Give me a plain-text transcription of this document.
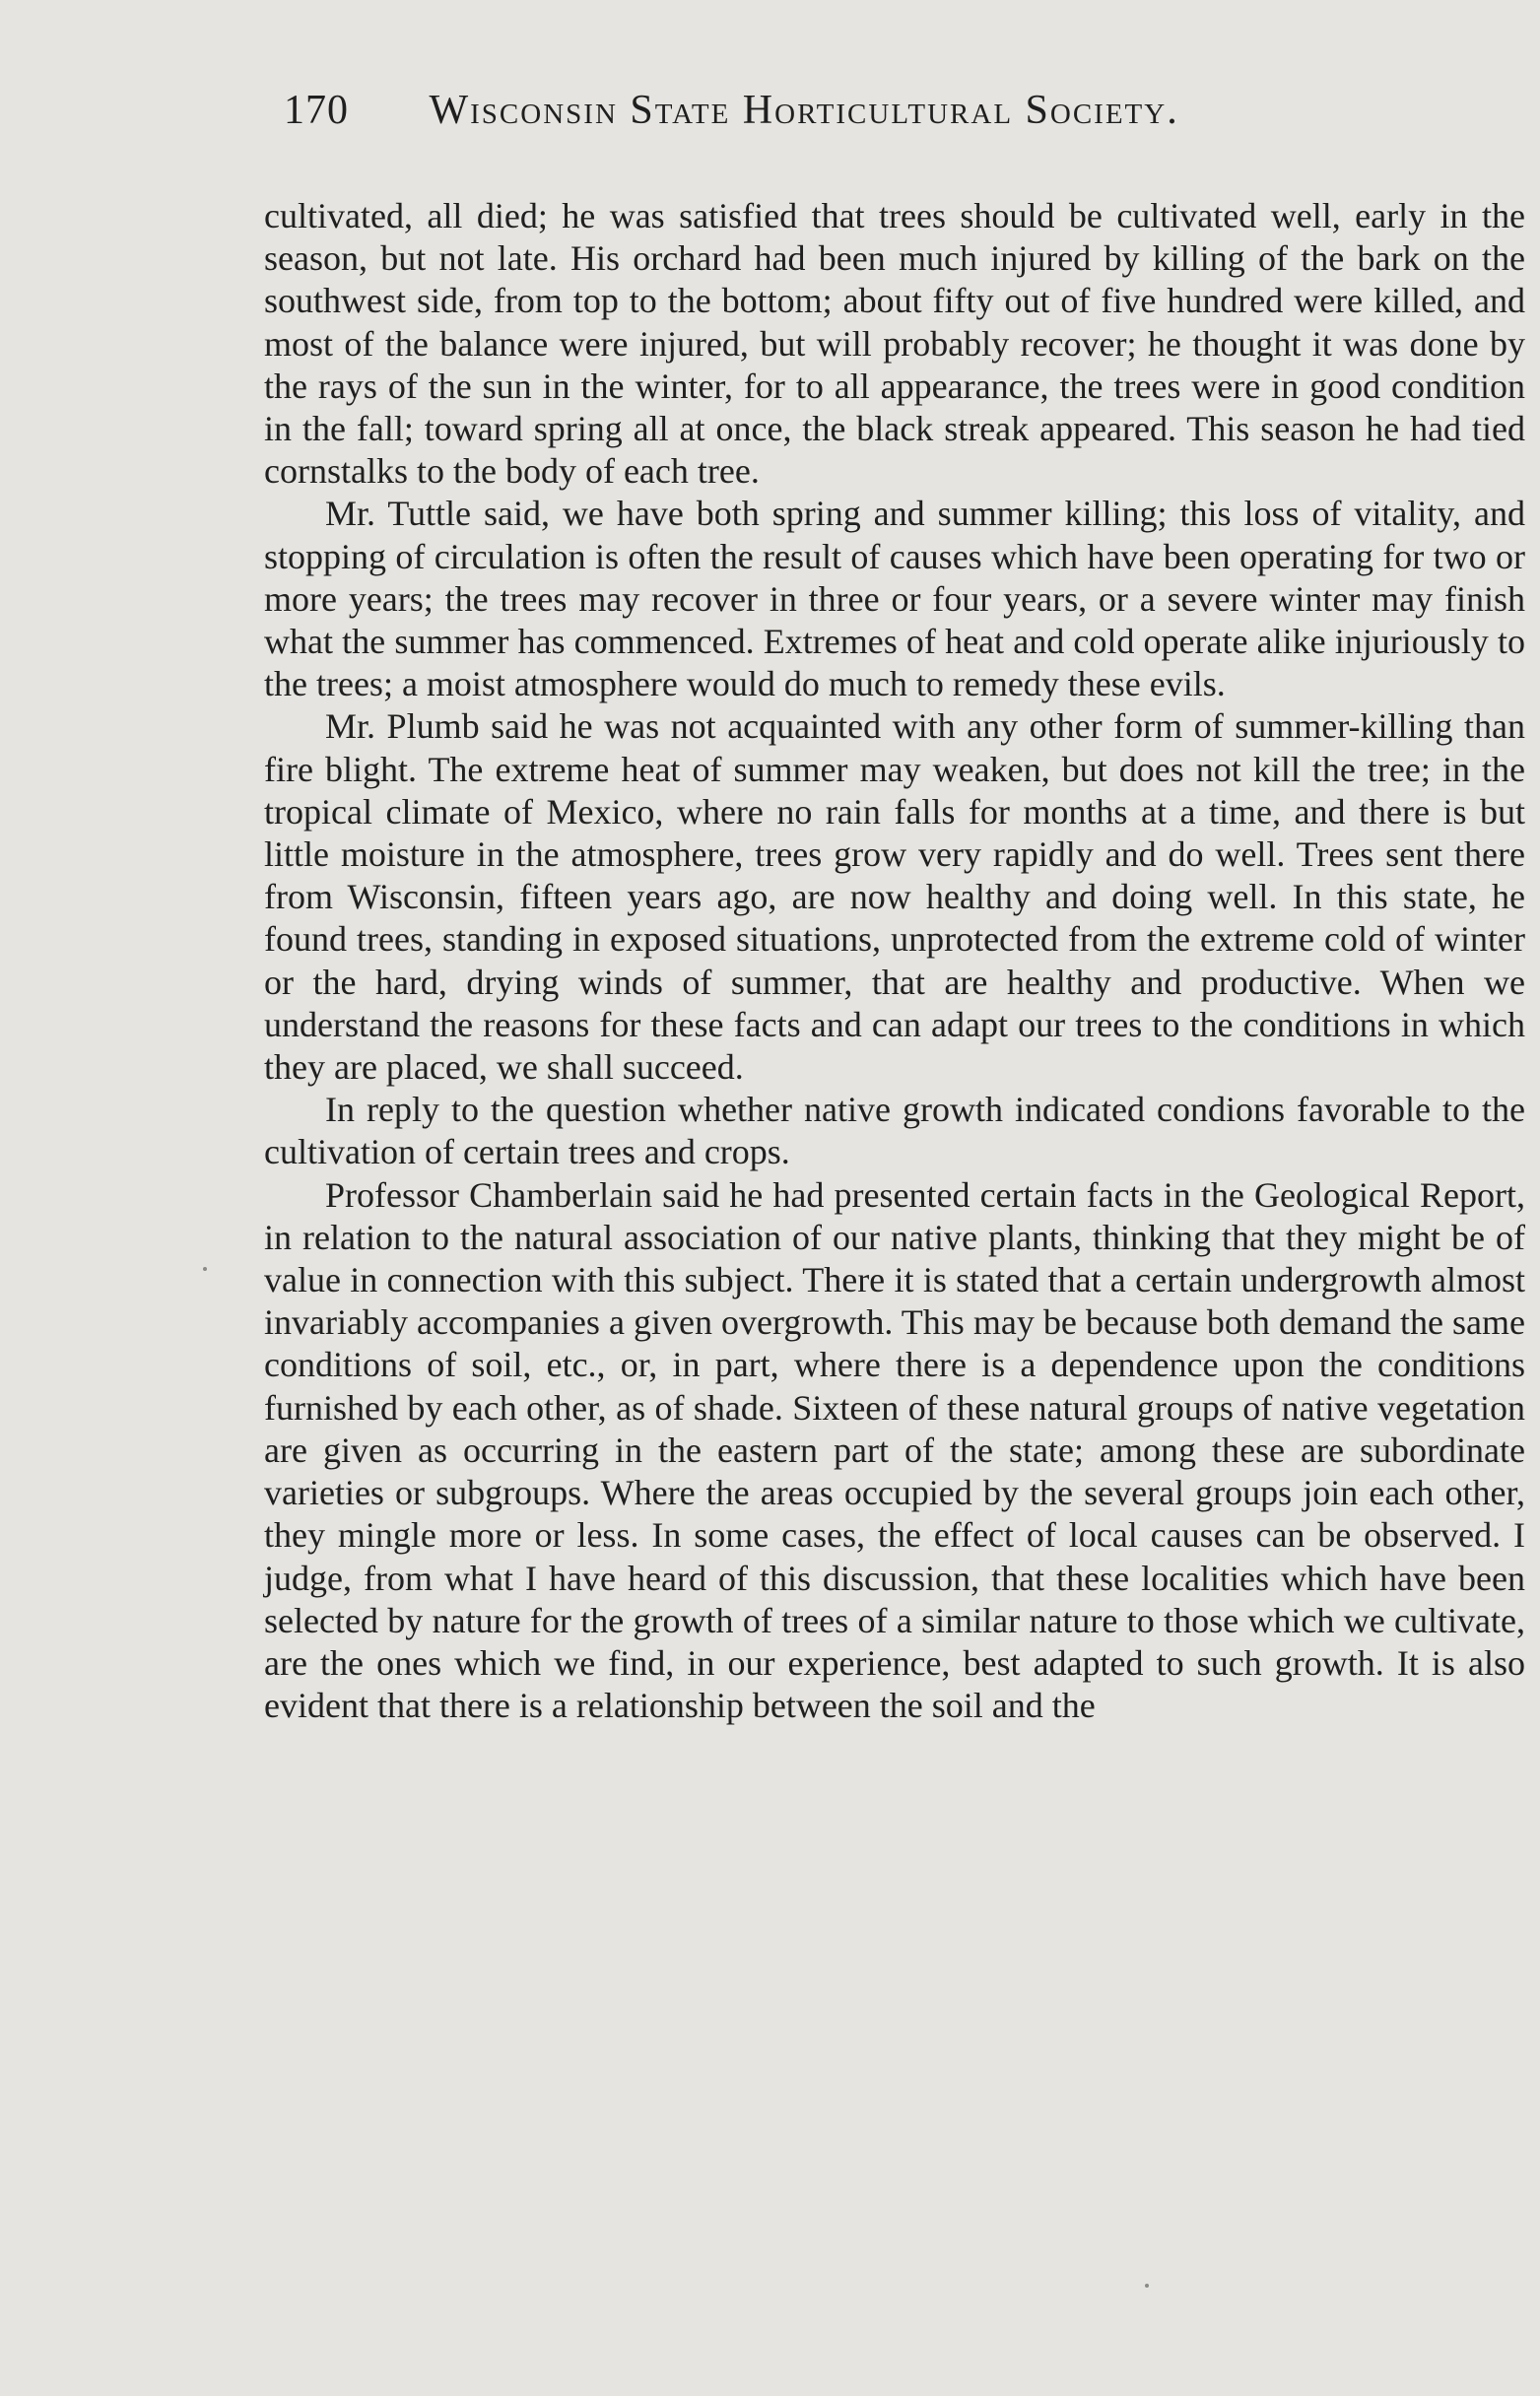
170 Wisconsin State Horticultural Society.

cultivated, all died; he was satisfied that trees should be cultivated well, early in the season, but not late. His orchard had been much injured by killing of the bark on the southwest side, from top to the bottom; about fifty out of five hundred were killed, and most of the balance were injured, but will probably recover; he thought it was done by the rays of the sun in the winter, for to all appearance, the trees were in good condition in the fall; toward spring all at once, the black streak appeared. This season he had tied cornstalks to the body of each tree.

Mr. Tuttle said, we have both spring and summer killing; this loss of vitality, and stopping of circulation is often the result of causes which have been operating for two or more years; the trees may recover in three or four years, or a severe winter may finish what the summer has commenced. Extremes of heat and cold operate alike injuriously to the trees; a moist atmosphere would do much to remedy these evils.

Mr. Plumb said he was not acquainted with any other form of summer-killing than fire blight. The extreme heat of summer may weaken, but does not kill the tree; in the tropical climate of Mexico, where no rain falls for months at a time, and there is but little moisture in the atmosphere, trees grow very rapidly and do well. Trees sent there from Wisconsin, fifteen years ago, are now healthy and doing well. In this state, he found trees, standing in exposed situations, unprotected from the extreme cold of winter or the hard, drying winds of summer, that are healthy and productive. When we understand the reasons for these facts and can adapt our trees to the conditions in which they are placed, we shall succeed.

In reply to the question whether native growth indicated condions favorable to the cultivation of certain trees and crops.

Professor Chamberlain said he had presented certain facts in the Geological Report, in relation to the natural association of our native plants, thinking that they might be of value in connection with this subject. There it is stated that a certain undergrowth almost invariably accompanies a given overgrowth. This may be because both demand the same conditions of soil, etc., or, in part, where there is a dependence upon the conditions furnished by each other, as of shade. Sixteen of these natural groups of native vegetation are given as occurring in the eastern part of the state; among these are subordinate varieties or subgroups. Where the areas occupied by the several groups join each other, they mingle more or less. In some cases, the effect of local causes can be observed. I judge, from what I have heard of this discussion, that these localities which have been selected by nature for the growth of trees of a similar nature to those which we cultivate, are the ones which we find, in our experience, best adapted to such growth. It is also evident that there is a relationship between the soil and the
